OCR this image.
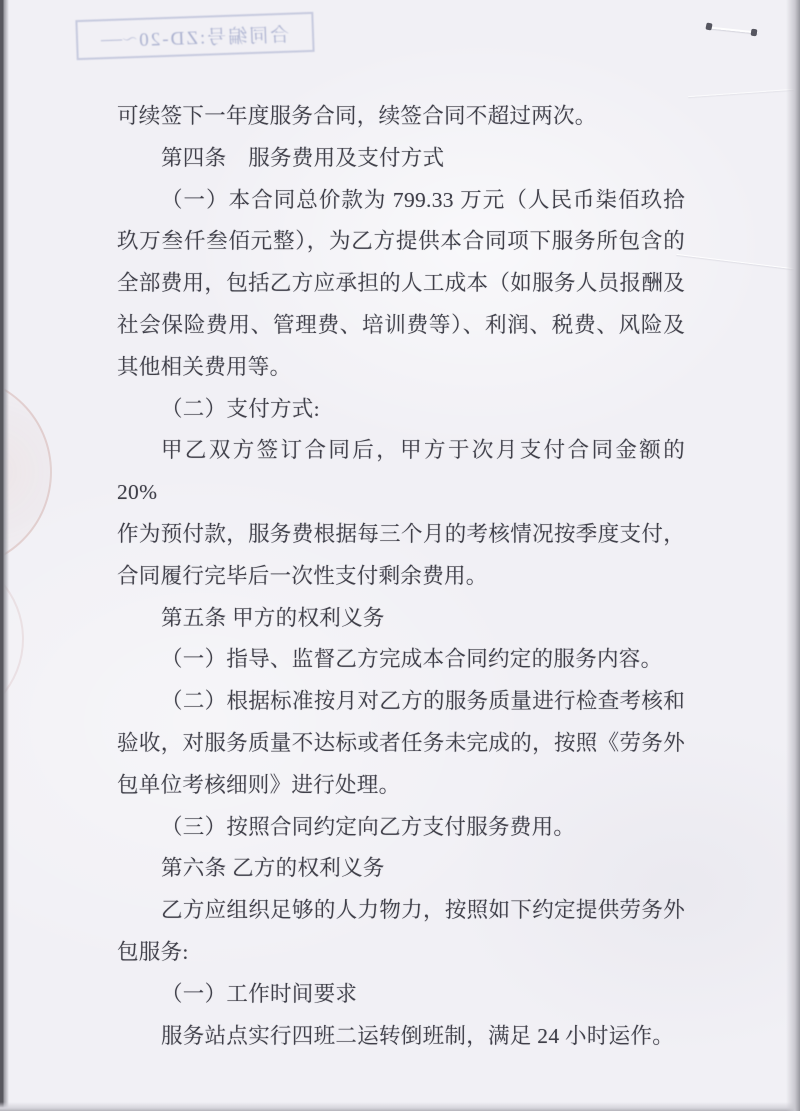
合同编号:ZD-20
〜──
可续签下一年度服务合同，续签合同不超过两次。
第四条　服务费用及支付方式
（一）本合同总价款为 799.33 万元（人民币柒佰玖拾
玖万叁仟叁佰元整），为乙方提供本合同项下服务所包含的
全部费用，包括乙方应承担的人工成本（如服务人员报酬及
社会保险费用、管理费、培训费等）、利润、税费、风险及
其他相关费用等。
（二）支付方式:
甲乙双方签订合同后，甲方于次月支付合同金额的 20%
作为预付款，服务费根据每三个月的考核情况按季度支付，
合同履行完毕后一次性支付剩余费用。
第五条 甲方的权利义务
（一）指导、监督乙方完成本合同约定的服务内容。
（二）根据标准按月对乙方的服务质量进行检查考核和
验收，对服务质量不达标或者任务未完成的，按照《劳务外
包单位考核细则》进行处理。
（三）按照合同约定向乙方支付服务费用。
第六条 乙方的权利义务
乙方应组织足够的人力物力，按照如下约定提供劳务外
包服务:
（一）工作时间要求
服务站点实行四班二运转倒班制，满足 24 小时运作。
